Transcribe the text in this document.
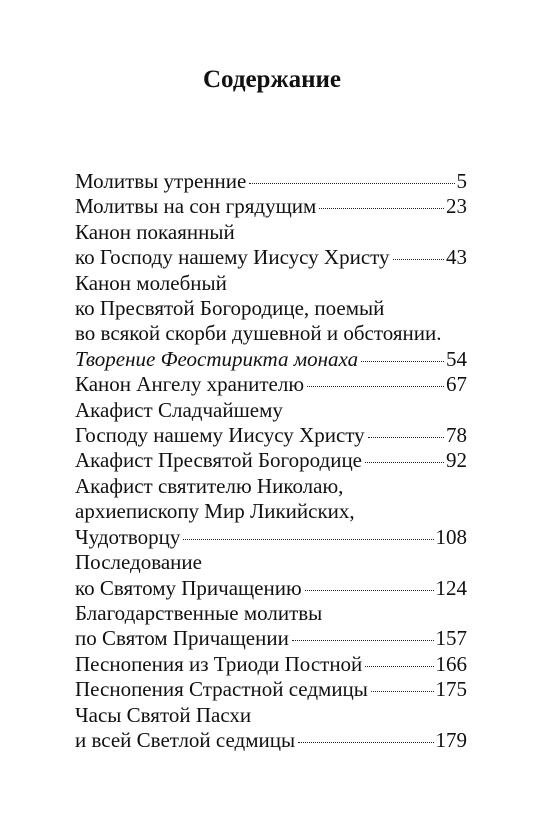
Содержание
Молитвы утренние	5
Молитвы на сон грядущим	23
Канон покаянный
ко Господу нашему Иисусу Христу	43
Канон молебный
ко Пресвятой Богородице, поемый
во всякой скорби душевной и обстоянии.
Творение Феостирикта монаха	54
Канон Ангелу хранителю	67
Акафист Сладчайшему
Господу нашему Иисусу Христу	78
Акафист Пресвятой Богородице	92
Акафист святителю Николаю,
архиепископу Мир Ликийских,
Чудотворцу	108
Последование
ко Святому Причащению	124
Благодарственные молитвы
по Святом Причащении	157
Песнопения из Триоди Постной	166
Песнопения Страстной седмицы	175
Часы Святой Пасхи
и всей Светлой седмицы	179
